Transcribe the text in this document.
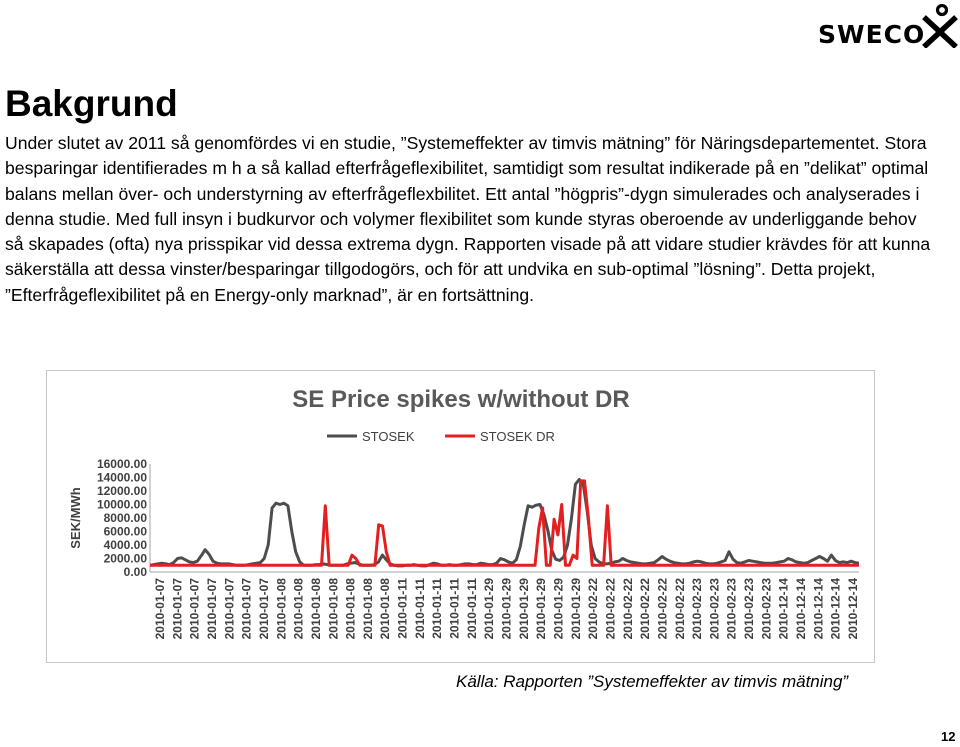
SWECO
Bakgrund

Under slutet av 2011 så genomfördes vi en studie, ”Systemeffekter av timvis mätning” för Näringsdepartementet. Stora besparingar identifierades m h a så kallad efterfrågeflexibilitet, samtidigt som resultat indikerade på en ”delikat” optimal balans mellan över- och understyrning av efterfrågeflexbilitet. Ett antal ”högpris”-dygn simulerades och analyserades i denna studie. Med full insyn i budkurvor och volymer flexibilitet som kunde styras oberoende av underliggande behov så skapades (ofta) nya prisspikar vid dessa extrema dygn. Rapporten visade på att vidare studier krävdes för att kunna säkerställa att dessa vinster/besparingar tillgodogörs, och för att undvika en sub-optimal ”lösning”. Detta projekt, ”Efterfrågeflexibilitet på en Energy-only marknad”, är en fortsättning.

SE Price spikes w/without DR
STOSEK	STOSEK DR
SEK/MWh
0.00
2000.00
4000.00
6000.00
8000.00
10000.00
12000.00
14000.00
16000.00
2010-01-07 2010-01-07 2010-01-07 2010-01-07 2010-01-07 2010-01-07 2010-01-07 2010-01-08 2010-01-08 2010-01-08 2010-01-08 2010-01-08 2010-01-08 2010-01-08 2010-01-11 2010-01-11 2010-01-11 2010-01-11 2010-01-11 2010-01-29 2010-01-29 2010-01-29 2010-01-29 2010-01-29 2010-01-29 2010-02-22 2010-02-22 2010-02-22 2010-02-22 2010-02-22 2010-02-22 2010-02-23 2010-02-23 2010-02-23 2010-02-23 2010-02-23 2010-12-14 2010-12-14 2010-12-14 2010-12-14 2010-12-14
Källa: Rapporten ”Systemeffekter av timvis mätning”
12
